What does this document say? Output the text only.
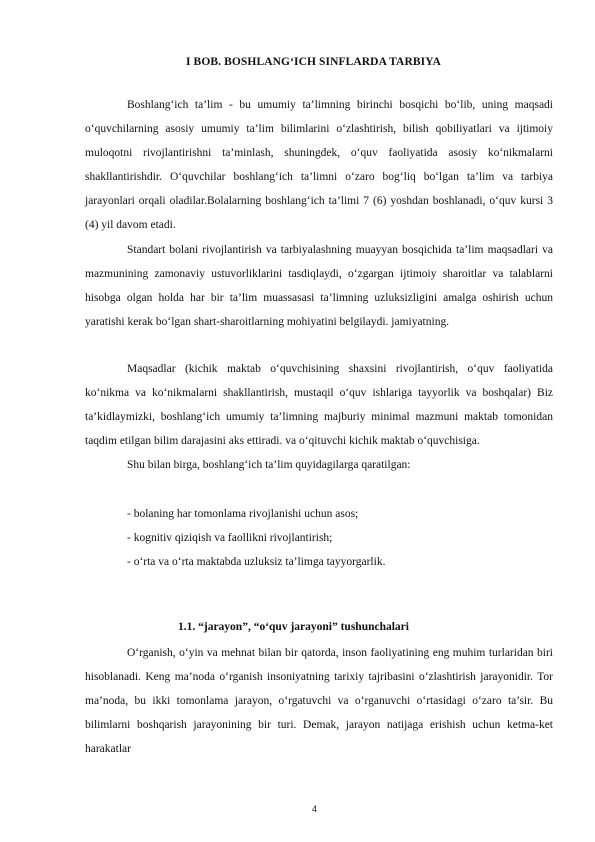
I BOB. BOSHLANG‘ICH SINFLARDA TARBIYA

Boshlang‘ich ta’lim - bu umumiy ta’limning birinchi bosqichi bo‘lib, uning maqsadi o‘quvchilarning asosiy umumiy ta’lim bilimlarini o‘zlashtirish, bilish qobiliyatlari va ijtimoiy muloqotni rivojlantirishni ta’minlash, shuningdek, o‘quv faoliyatida asosiy ko‘nikmalarni shakllantirishdir. O‘quvchilar boshlang‘ich ta’limni o‘zaro bog‘liq bo‘lgan ta’lim va tarbiya jarayonlari orqali oladilar.Bolalarning boshlang‘ich ta’limi 7 (6) yoshdan boshlanadi, o‘quv kursi 3 (4) yil davom etadi.

Standart bolani rivojlantirish va tarbiyalashning muayyan bosqichida ta’lim maqsadlari va mazmunining zamonaviy ustuvorliklarini tasdiqlaydi, o‘zgargan ijtimoiy sharoitlar va talablarni hisobga olgan holda har bir ta’lim muassasasi ta’limning uzluksizligini amalga oshirish uchun yaratishi kerak bo‘lgan shart-sharoitlarning mohiyatini belgilaydi. jamiyatning.

Maqsadlar (kichik maktab o‘quvchisining shaxsini rivojlantirish, o‘quv faoliyatida ko‘nikma va ko‘nikmalarni shakllantirish, mustaqil o‘quv ishlariga tayyorlik va boshqalar) Biz ta’kidlaymizki, boshlang‘ich umumiy ta’limning majburiy minimal mazmuni maktab tomonidan taqdim etilgan bilim darajasini aks ettiradi. va o‘qituvchi kichik maktab o‘quvchisiga.

Shu bilan birga, boshlang‘ich ta’lim quyidagilarga qaratilgan:

- bolaning har tomonlama rivojlanishi uchun asos;
- kognitiv qiziqish va faollikni rivojlantirish;
- o‘rta va o‘rta maktabda uzluksiz ta’limga tayyorgarlik.
1.1. “jarayon”, “o‘quv jarayoni” tushunchalari

O‘rganish, o‘yin va mehnat bilan bir qatorda, inson faoliyatining eng muhim turlaridan biri hisoblanadi. Keng ma’noda o‘rganish insoniyatning tarixiy tajribasini o‘zlashtirish jarayonidir. Tor ma’noda, bu ikki tomonlama jarayon, o‘rgatuvchi va o‘rganuvchi o‘rtasidagi o‘zaro ta’sir. Bu bilimlarni boshqarish jarayonining bir turi. Demak, jarayon natijaga erishish uchun ketma-ket harakatlar

4
